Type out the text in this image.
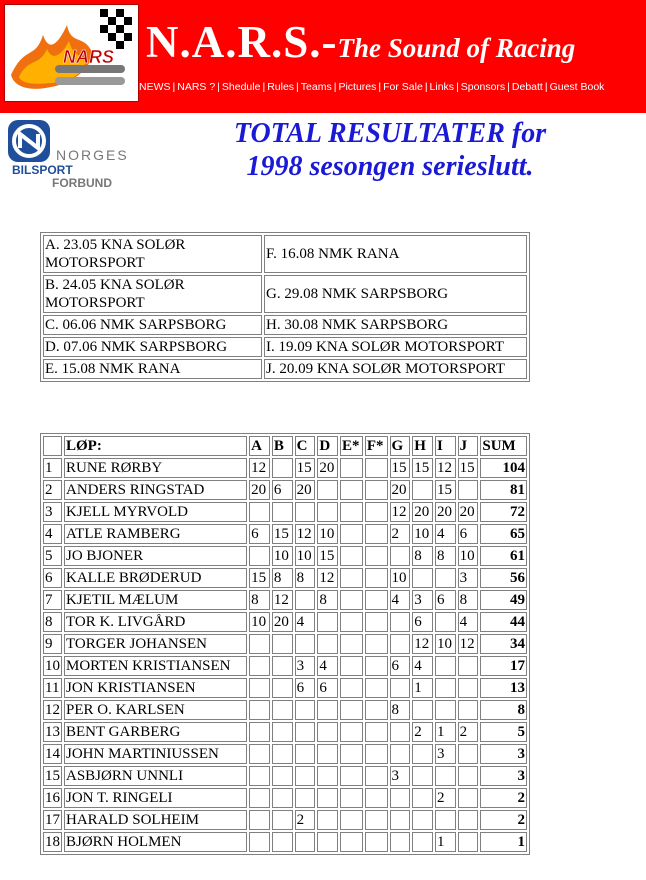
NARS N.A.R.S.-The Sound of Racing
NEWS | NARS ? | Shedule | Rules | Teams | Pictures | For Sale | Links | Sponsors | Debatt | Guest Book
NORGES
BILSPORT
FORBUND
TOTAL RESULTATER for
1998 sesongen serieslutt.
A. 23.05 KNA SOLØR MOTORSPORT	F. 16.08 NMK RANA
B. 24.05 KNA SOLØR MOTORSPORT	G. 29.08 NMK SARPSBORG
C. 06.06 NMK SARPSBORG	H. 30.08 NMK SARPSBORG
D. 07.06 NMK SARPSBORG	I. 19.09 KNA SOLØR MOTORSPORT
E. 15.08 NMK RANA	J. 20.09 KNA SOLØR MOTORSPORT
	LØP:	A	B	C	D	E*	F*	G	H	I	J	SUM
1	RUNE RØRBY	12		15	20			15	15	12	15	104
2	ANDERS RINGSTAD	20	6	20				20		15		81
3	KJELL MYRVOLD							12	20	20	20	72
4	ATLE RAMBERG	6	15	12	10			2	10	4	6	65
5	JO BJONER		10	10	15				8	8	10	61
6	KALLE BRØDERUD	15	8	8	12			10			3	56
7	KJETIL MÆLUM	8	12		8			4	3	6	8	49
8	TOR K. LIVGÅRD	10	20	4					6		4	44
9	TORGER JOHANSEN								12	10	12	34
10	MORTEN KRISTIANSEN			3	4			6	4			17
11	JON KRISTIANSEN			6	6				1			13
12	PER O. KARLSEN							8				8
13	BENT GARBERG								2	1	2	5
14	JOHN MARTINIUSSEN									3		3
15	ASBJØRN UNNLI							3				3
16	JON T. RINGELI									2		2
17	HARALD SOLHEIM			2								2
18	BJØRN HOLMEN									1		1
